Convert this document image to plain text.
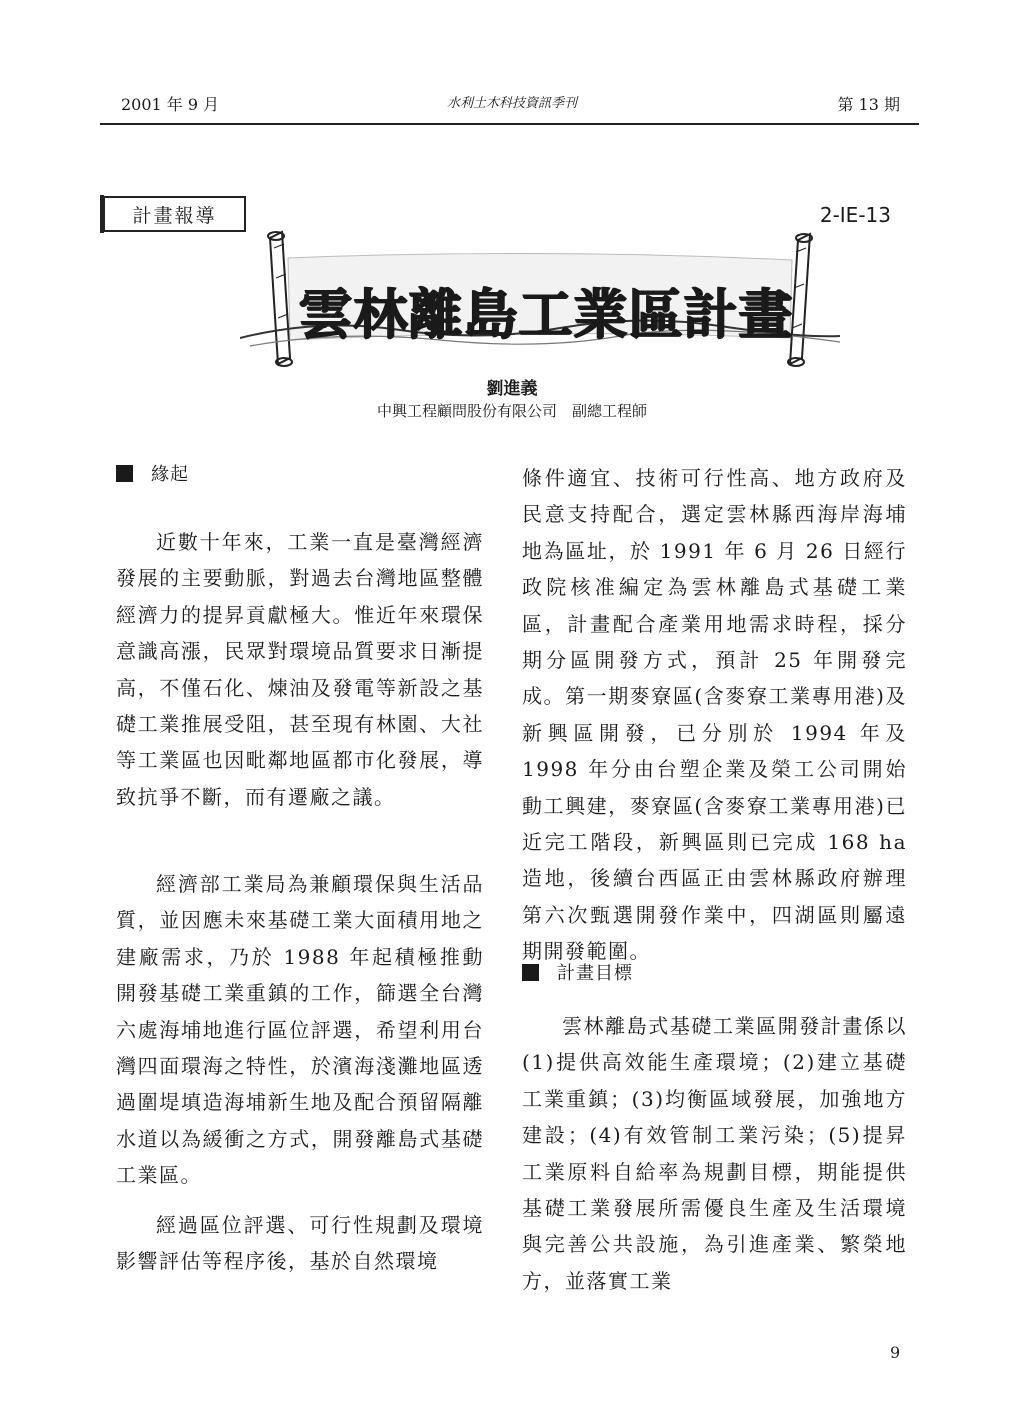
2001 年 9 月	水利土木科技資訊季刊	第 13 期
計畫報導	2-IE-13
雲林離島工業區計畫
劉進義
中興工程顧問股份有限公司　副總工程師
緣起

近數十年來，工業一直是臺灣經濟發展的主要動脈，對過去台灣地區整體經濟力的提昇貢獻極大。惟近年來環保意識高漲，民眾對環境品質要求日漸提高，不僅石化、煉油及發電等新設之基礎工業推展受阻，甚至現有林園、大社等工業區也因毗鄰地區都市化發展，導致抗爭不斷，而有遷廠之議。

經濟部工業局為兼顧環保與生活品質，並因應未來基礎工業大面積用地之建廠需求，乃於 1988 年起積極推動開發基礎工業重鎮的工作，篩選全台灣六處海埔地進行區位評選，希望利用台灣四面環海之特性，於濱海淺灘地區透過圍堤填造海埔新生地及配合預留隔離水道以為緩衝之方式，開發離島式基礎工業區。

經過區位評選、可行性規劃及環境影響評估等程序後，基於自然環境

條件適宜、技術可行性高、地方政府及民意支持配合，選定雲林縣西海岸海埔地為區址，於 1991 年 6 月 26 日經行政院核准編定為雲林離島式基礎工業區，計畫配合產業用地需求時程，採分期分區開發方式，預計 25 年開發完成。第一期麥寮區(含麥寮工業專用港)及新興區開發，已分別於 1994 年及 1998 年分由台塑企業及榮工公司開始動工興建，麥寮區(含麥寮工業專用港)已近完工階段，新興區則已完成 168 ha 造地，後續台西區正由雲林縣政府辦理第六次甄選開發作業中，四湖區則屬遠期開發範圍。

計畫目標

雲林離島式基礎工業區開發計畫係以(1)提供高效能生產環境；(2)建立基礎工業重鎮；(3)均衡區域發展，加強地方建設；(4)有效管制工業污染；(5)提昇工業原料自給率為規劃目標，期能提供基礎工業發展所需優良生產及生活環境與完善公共設施，為引進產業、繁榮地方，並落實工業

9
